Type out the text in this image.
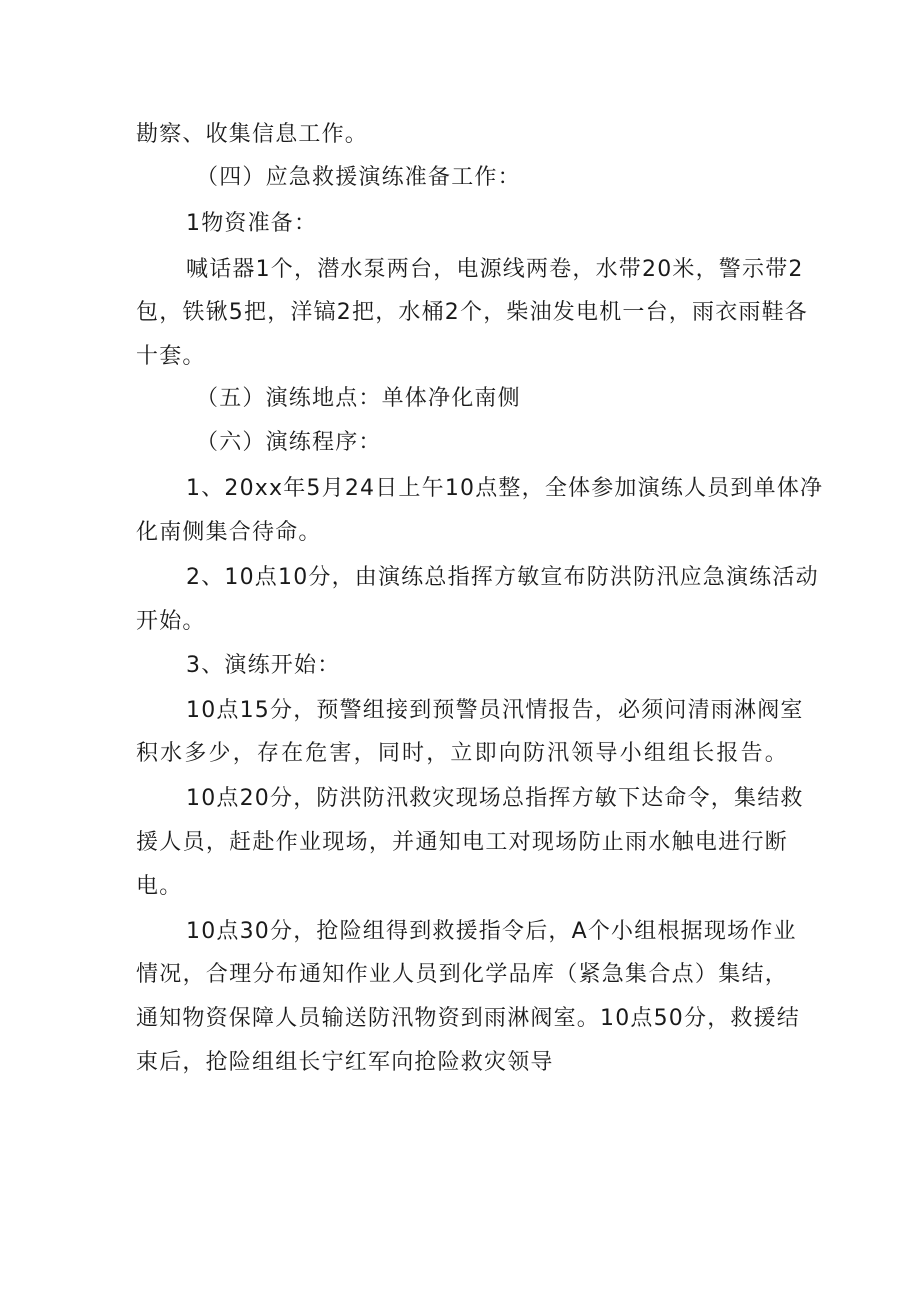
勘察、收集信息工作。
（四）应急救援演练准备工作：
1物资准备：
喊话器1个，潜水泵两台，电源线两卷，水带20米，警示带2
包，铁锹5把，洋镐2把，水桶2个，柴油发电机一台，雨衣雨鞋各
十套。
（五）演练地点：单体净化南侧
（六）演练程序：
1、20xx年5月24日上午10点整，全体参加演练人员到单体净
化南侧集合待命。
2、10点10分，由演练总指挥方敏宣布防洪防汛应急演练活动
开始。
3、演练开始：
10点15分，预警组接到预警员汛情报告，必须问清雨淋阀室
积水多少，存在危害，同时，立即向防汛领导小组组长报告。
10点20分，防洪防汛救灾现场总指挥方敏下达命令，集结救
援人员，赶赴作业现场，并通知电工对现场防止雨水触电进行断
电。
10点30分，抢险组得到救援指令后，A个小组根据现场作业
情况，合理分布通知作业人员到化学品库（紧急集合点）集结，
通知物资保障人员输送防汛物资到雨淋阀室。10点50分，救援结
束后，抢险组组长宁红军向抢险救灾领导
